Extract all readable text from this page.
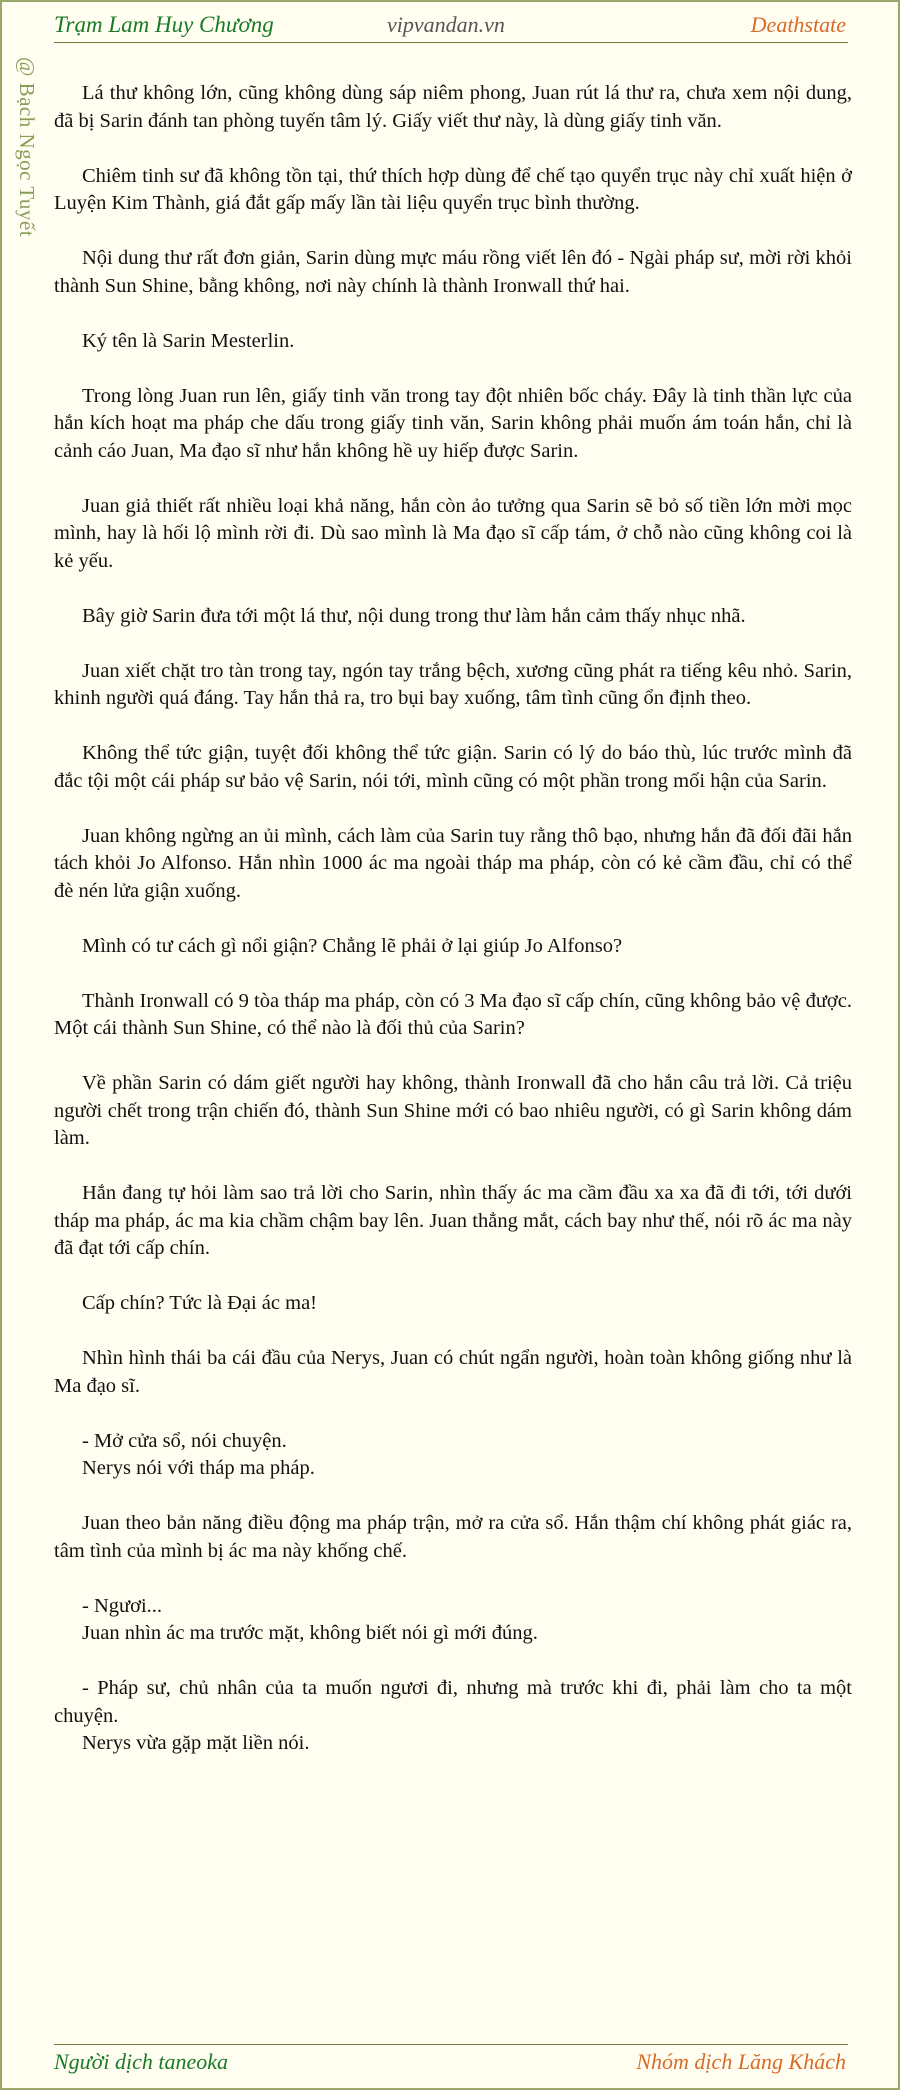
Trạm Lam Huy Chương	vipvandan.vn	Deathstate
@ Bạch Ngọc Tuyết	Lá thư không lớn, cũng không dùng sáp niêm phong, Juan rút lá thư ra, chưa xem nội dung, đã bị Sarin đánh tan phòng tuyến tâm lý. Giấy viết thư này, là dùng giấy tinh văn.

Chiêm tinh sư đã không tồn tại, thứ thích hợp dùng để chế tạo quyển trục này chỉ xuất hiện ở Luyện Kim Thành, giá đắt gấp mấy lần tài liệu quyển trục bình thường.

Nội dung thư rất đơn giản, Sarin dùng mực máu rồng viết lên đó - Ngài pháp sư, mời rời khỏi thành Sun Shine, bằng không, nơi này chính là thành Ironwall thứ hai.

Ký tên là Sarin Mesterlin.

Trong lòng Juan run lên, giấy tinh văn trong tay đột nhiên bốc cháy. Đây là tinh thần lực của hắn kích hoạt ma pháp che dấu trong giấy tinh văn, Sarin không phải muốn ám toán hắn, chỉ là cảnh cáo Juan, Ma đạo sĩ như hắn không hề uy hiếp được Sarin.

Juan giả thiết rất nhiều loại khả năng, hắn còn ảo tưởng qua Sarin sẽ bỏ số tiền lớn mời mọc mình, hay là hối lộ mình rời đi. Dù sao mình là Ma đạo sĩ cấp tám, ở chỗ nào cũng không coi là kẻ yếu.

Bây giờ Sarin đưa tới một lá thư, nội dung trong thư làm hắn cảm thấy nhục nhã.

Juan xiết chặt tro tàn trong tay, ngón tay trắng bệch, xương cũng phát ra tiếng kêu nhỏ. Sarin, khinh người quá đáng. Tay hắn thả ra, tro bụi bay xuống, tâm tình cũng ổn định theo.

Không thể tức giận, tuyệt đối không thể tức giận. Sarin có lý do báo thù, lúc trước mình đã đắc tội một cái pháp sư bảo vệ Sarin, nói tới, mình cũng có một phần trong mối hận của Sarin.

Juan không ngừng an ủi mình, cách làm của Sarin tuy rằng thô bạo, nhưng hắn đã đối đãi hắn tách khỏi Jo Alfonso. Hắn nhìn 1000 ác ma ngoài tháp ma pháp, còn có kẻ cầm đầu, chỉ có thể đè nén lửa giận xuống.

Mình có tư cách gì nổi giận? Chẳng lẽ phải ở lại giúp Jo Alfonso?

Thành Ironwall có 9 tòa tháp ma pháp, còn có 3 Ma đạo sĩ cấp chín, cũng không bảo vệ được. Một cái thành Sun Shine, có thể nào là đối thủ của Sarin?

Về phần Sarin có dám giết người hay không, thành Ironwall đã cho hắn câu trả lời. Cả triệu người chết trong trận chiến đó, thành Sun Shine mới có bao nhiêu người, có gì Sarin không dám làm.

Hắn đang tự hỏi làm sao trả lời cho Sarin, nhìn thấy ác ma cầm đầu xa xa đã đi tới, tới dưới tháp ma pháp, ác ma kia chầm chậm bay lên. Juan thẳng mắt, cách bay như thế, nói rõ ác ma này đã đạt tới cấp chín.

Cấp chín? Tức là Đại ác ma!

Nhìn hình thái ba cái đầu của Nerys, Juan có chút ngẩn người, hoàn toàn không giống như là Ma đạo sĩ.

- Mở cửa sổ, nói chuyện.

Nerys nói với tháp ma pháp.

Juan theo bản năng điều động ma pháp trận, mở ra cửa sổ. Hắn thậm chí không phát giác ra, tâm tình của mình bị ác ma này khống chế.

- Ngươi...

Juan nhìn ác ma trước mặt, không biết nói gì mới đúng.

- Pháp sư, chủ nhân của ta muốn ngươi đi, nhưng mà trước khi đi, phải làm cho ta một chuyện.

Nerys vừa gặp mặt liền nói.

Người dịch taneoka	Nhóm dịch Lăng Khách
